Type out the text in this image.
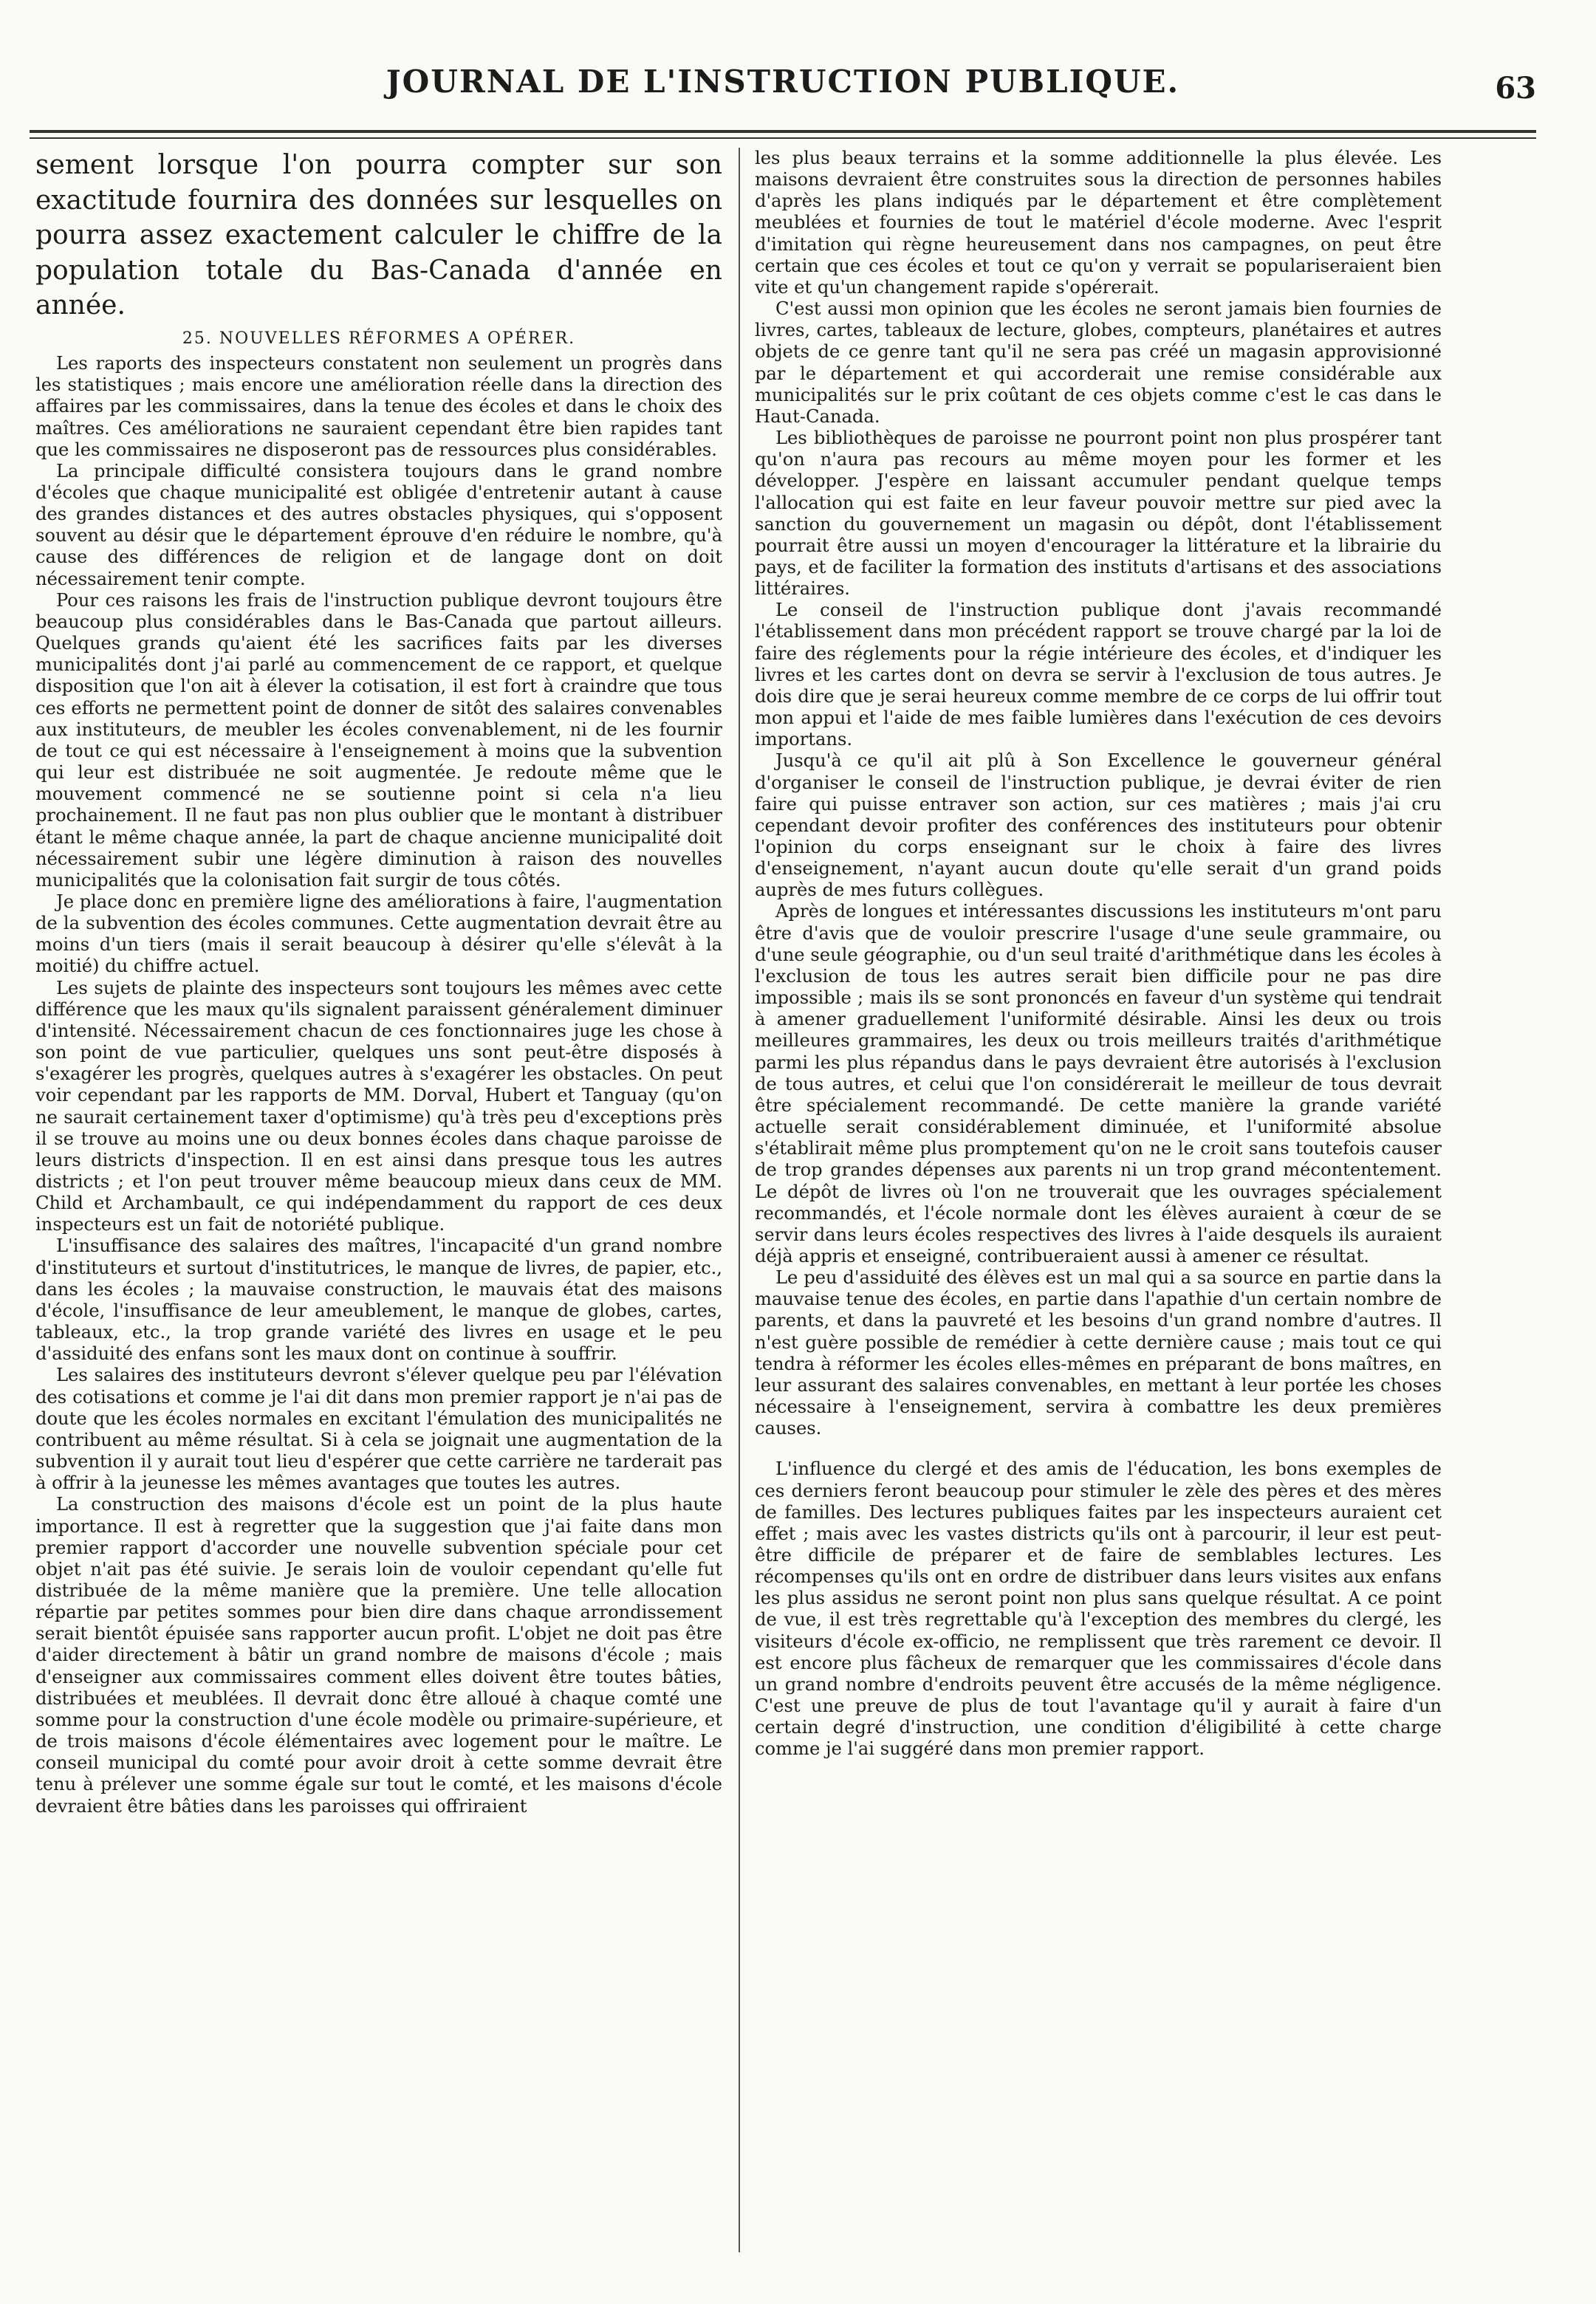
JOURNAL DE L'INSTRUCTION PUBLIQUE.	63

sement lorsque l'on pourra compter sur son exactitude fournira des données sur lesquelles on pourra assez exactement calculer le chiffre de la population totale du Bas-Canada d'année en année.

25. NOUVELLES RÉFORMES A OPÉRER.

Les raports des inspecteurs constatent non seulement un progrès dans les statistiques ; mais encore une amélioration réelle dans la direction des affaires par les commissaires, dans la tenue des écoles et dans le choix des maîtres. Ces améliorations ne sauraient cependant être bien rapides tant que les commissaires ne disposeront pas de ressources plus considérables.

La principale difficulté consistera toujours dans le grand nombre d'écoles que chaque municipalité est obligée d'entretenir autant à cause des grandes distances et des autres obstacles physiques, qui s'opposent souvent au désir que le département éprouve d'en réduire le nombre, qu'à cause des différences de religion et de langage dont on doit nécessairement tenir compte.

Pour ces raisons les frais de l'instruction publique devront toujours être beaucoup plus considérables dans le Bas-Canada que partout ailleurs. Quelques grands qu'aient été les sacrifices faits par les diverses municipalités dont j'ai parlé au commencement de ce rapport, et quelque disposition que l'on ait à élever la cotisation, il est fort à craindre que tous ces efforts ne permettent point de donner de sitôt des salaires convenables aux instituteurs, de meubler les écoles convenablement, ni de les fournir de tout ce qui est nécessaire à l'enseignement à moins que la subvention qui leur est distribuée ne soit augmentée. Je redoute même que le mouvement commencé ne se soutienne point si cela n'a lieu prochainement. Il ne faut pas non plus oublier que le montant à distribuer étant le même chaque année, la part de chaque ancienne municipalité doit nécessairement subir une légère diminution à raison des nouvelles municipalités que la colonisation fait surgir de tous côtés.

Je place donc en première ligne des améliorations à faire, l'augmentation de la subvention des écoles communes. Cette augmentation devrait être au moins d'un tiers (mais il serait beaucoup à désirer qu'elle s'élevât à la moitié) du chiffre actuel.

Les sujets de plainte des inspecteurs sont toujours les mêmes avec cette différence que les maux qu'ils signalent paraissent généralement diminuer d'intensité. Nécessairement chacun de ces fonctionnaires juge les chose à son point de vue particulier, quelques uns sont peut-être disposés à s'exagérer les progrès, quelques autres à s'exagérer les obstacles. On peut voir cependant par les rapports de MM. Dorval, Hubert et Tanguay (qu'on ne saurait certainement taxer d'optimisme) qu'à très peu d'exceptions près il se trouve au moins une ou deux bonnes écoles dans chaque paroisse de leurs districts d'inspection. Il en est ainsi dans presque tous les autres districts ; et l'on peut trouver même beaucoup mieux dans ceux de MM. Child et Archambault, ce qui indépendamment du rapport de ces deux inspecteurs est un fait de notoriété publique.

L'insuffisance des salaires des maîtres, l'incapacité d'un grand nombre d'instituteurs et surtout d'institutrices, le manque de livres, de papier, etc., dans les écoles ; la mauvaise construction, le mauvais état des maisons d'école, l'insuffisance de leur ameublement, le manque de globes, cartes, tableaux, etc., la trop grande variété des livres en usage et le peu d'assiduité des enfans sont les maux dont on continue à souffrir.

Les salaires des instituteurs devront s'élever quelque peu par l'élévation des cotisations et comme je l'ai dit dans mon premier rapport je n'ai pas de doute que les écoles normales en excitant l'émulation des municipalités ne contribuent au même résultat. Si à cela se joignait une augmentation de la subvention il y aurait tout lieu d'espérer que cette carrière ne tarderait pas à offrir à la jeunesse les mêmes avantages que toutes les autres.

La construction des maisons d'école est un point de la plus haute importance. Il est à regretter que la suggestion que j'ai faite dans mon premier rapport d'accorder une nouvelle subvention spéciale pour cet objet n'ait pas été suivie. Je serais loin de vouloir cependant qu'elle fut distribuée de la même manière que la première. Une telle allocation répartie par petites sommes pour bien dire dans chaque arrondissement serait bientôt épuisée sans rapporter aucun profit. L'objet ne doit pas être d'aider directement à bâtir un grand nombre de maisons d'école ; mais d'enseigner aux commissaires comment elles doivent être toutes bâties, distribuées et meublées. Il devrait donc être alloué à chaque comté une somme pour la construction d'une école modèle ou primaire-supérieure, et de trois maisons d'école élémentaires avec logement pour le maître. Le conseil municipal du comté pour avoir droit à cette somme devrait être tenu à prélever une somme égale sur tout le comté, et les maisons d'école devraient être bâties dans les paroisses qui offriraient

les plus beaux terrains et la somme additionnelle la plus élevée. Les maisons devraient être construites sous la direction de personnes habiles d'après les plans indiqués par le département et être complètement meublées et fournies de tout le matériel d'école moderne. Avec l'esprit d'imitation qui règne heureusement dans nos campagnes, on peut être certain que ces écoles et tout ce qu'on y verrait se populariseraient bien vite et qu'un changement rapide s'opérerait.

C'est aussi mon opinion que les écoles ne seront jamais bien fournies de livres, cartes, tableaux de lecture, globes, compteurs, planétaires et autres objets de ce genre tant qu'il ne sera pas créé un magasin approvisionné par le département et qui accorderait une remise considérable aux municipalités sur le prix coûtant de ces objets comme c'est le cas dans le Haut-Canada.

Les bibliothèques de paroisse ne pourront point non plus prospérer tant qu'on n'aura pas recours au même moyen pour les former et les développer. J'espère en laissant accumuler pendant quelque temps l'allocation qui est faite en leur faveur pouvoir mettre sur pied avec la sanction du gouvernement un magasin ou dépôt, dont l'établissement pourrait être aussi un moyen d'encourager la littérature et la librairie du pays, et de faciliter la formation des instituts d'artisans et des associations littéraires.

Le conseil de l'instruction publique dont j'avais recommandé l'établissement dans mon précédent rapport se trouve chargé par la loi de faire des réglements pour la régie intérieure des écoles, et d'indiquer les livres et les cartes dont on devra se servir à l'exclusion de tous autres. Je dois dire que je serai heureux comme membre de ce corps de lui offrir tout mon appui et l'aide de mes faible lumières dans l'exécution de ces devoirs importans.

Jusqu'à ce qu'il ait plû à Son Excellence le gouverneur général d'organiser le conseil de l'instruction publique, je devrai éviter de rien faire qui puisse entraver son action, sur ces matières ; mais j'ai cru cependant devoir profiter des conférences des instituteurs pour obtenir l'opinion du corps enseignant sur le choix à faire des livres d'enseignement, n'ayant aucun doute qu'elle serait d'un grand poids auprès de mes futurs collègues.

Après de longues et intéressantes discussions les instituteurs m'ont paru être d'avis que de vouloir prescrire l'usage d'une seule grammaire, ou d'une seule géographie, ou d'un seul traité d'arithmétique dans les écoles à l'exclusion de tous les autres serait bien difficile pour ne pas dire impossible ; mais ils se sont prononcés en faveur d'un système qui tendrait à amener graduellement l'uniformité désirable. Ainsi les deux ou trois meilleures grammaires, les deux ou trois meilleurs traités d'arithmétique parmi les plus répandus dans le pays devraient être autorisés à l'exclusion de tous autres, et celui que l'on considérerait le meilleur de tous devrait être spécialement recommandé. De cette manière la grande variété actuelle serait considérablement diminuée, et l'uniformité absolue s'établirait même plus promptement qu'on ne le croit sans toutefois causer de trop grandes dépenses aux parents ni un trop grand mécontentement. Le dépôt de livres où l'on ne trouverait que les ouvrages spécialement recommandés, et l'école normale dont les élèves auraient à cœur de se servir dans leurs écoles respectives des livres à l'aide desquels ils auraient déjà appris et enseigné, contribueraient aussi à amener ce résultat.

Le peu d'assiduité des élèves est un mal qui a sa source en partie dans la mauvaise tenue des écoles, en partie dans l'apathie d'un certain nombre de parents, et dans la pauvreté et les besoins d'un grand nombre d'autres. Il n'est guère possible de remédier à cette dernière cause ; mais tout ce qui tendra à réformer les écoles elles-mêmes en préparant de bons maîtres, en leur assurant des salaires convenables, en mettant à leur portée les choses nécessaire à l'enseignement, servira à combattre les deux premières causes.

L'influence du clergé et des amis de l'éducation, les bons exemples de ces derniers feront beaucoup pour stimuler le zèle des pères et des mères de familles. Des lectures publiques faites par les inspecteurs auraient cet effet ; mais avec les vastes districts qu'ils ont à parcourir, il leur est peut-être difficile de préparer et de faire de semblables lectures. Les récompenses qu'ils ont en ordre de distribuer dans leurs visites aux enfans les plus assidus ne seront point non plus sans quelque résultat. A ce point de vue, il est très regrettable qu'à l'exception des membres du clergé, les visiteurs d'école ex-officio, ne remplissent que très rarement ce devoir. Il est encore plus fâcheux de remarquer que les commissaires d'école dans un grand nombre d'endroits peuvent être accusés de la même négligence. C'est une preuve de plus de tout l'avantage qu'il y aurait à faire d'un certain degré d'instruction, une condition d'éligibilité à cette charge comme je l'ai suggéré dans mon premier rapport.
